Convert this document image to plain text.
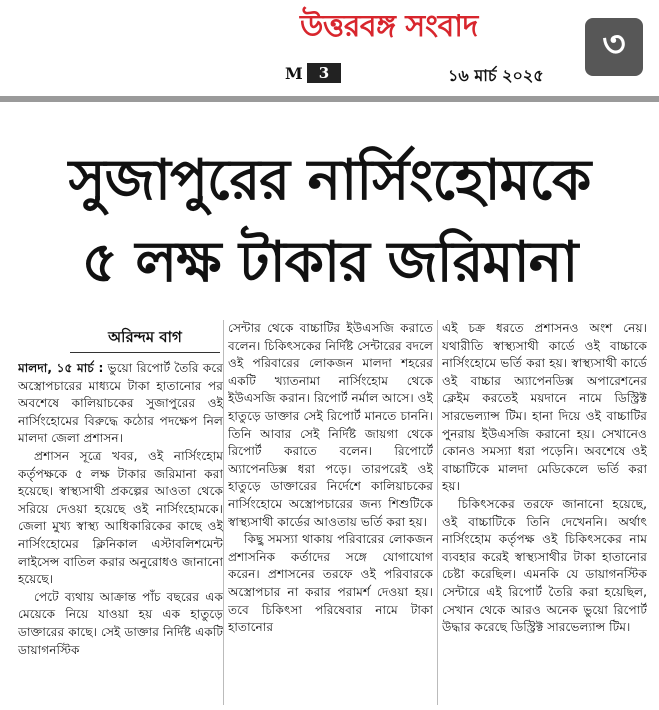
উত্তরবঙ্গ সংবাদ	৩
M	3	১৬ মার্চ ২০২৫
সুজাপুরের নার্সিংহোমকে
৫ লক্ষ টাকার জরিমানা
অরিন্দম বাগ

মালদা, ১৫ মার্চ : ভুয়ো রিপোর্ট তৈরি করে অস্ত্রোপচারের মাধ্যমে টাকা হাতানোর পর অবশেষে কালিয়াচকের সুজাপুরের ওই নার্সিংহোমের বিরুদ্ধে কঠোর পদক্ষেপ নিল মালদা জেলা প্রশাসন।

প্রশাসন সূত্রে খবর, ওই নার্সিংহোম কর্তৃপক্ষকে ৫ লক্ষ টাকার জরিমানা করা হয়েছে। স্বাস্থ্যসাথী প্রকল্পের আওতা থেকে সরিয়ে দেওয়া হয়েছে ওই নার্সিংহোমকে। জেলা মুখ্য স্বাস্থ্য আধিকারিকের কাছে ওই নার্সিংহোমের ক্লিনিকাল এস্টাবলিশমেন্ট লাইসেন্স বাতিল করার অনুরোধও জানানো হয়েছে।

পেটে ব্যথায় আক্রান্ত পাঁচ বছরের এক মেয়েকে নিয়ে যাওয়া হয় এক হাতুড়ে ডাক্তারের কাছে। সেই ডাক্তার নির্দিষ্ট একটি ডায়াগনস্টিক

সেন্টার থেকে বাচ্চাটির ইউএসজি করাতে বলেন। চিকিৎসকের নির্দিষ্ট সেন্টারের বদলে ওই পরিবারের লোকজন মালদা শহরের একটি খ্যাতনামা নার্সিংহোম থেকে ইউএসজি করান। রিপোর্ট নর্মাল আসে। ওই হাতুড়ে ডাক্তার সেই রিপোর্ট মানতে চাননি। তিনি আবার সেই নির্দিষ্ট জায়গা থেকে রিপোর্ট করাতে বলেন। রিপোর্টে অ্যাপেনডিক্স ধরা পড়ে। তারপরেই ওই হাতুড়ে ডাক্তারের নির্দেশে কালিয়াচকের নার্সিংহোমে অস্ত্রোপচারের জন্য শিশুটিকে স্বাস্থ্যসাথী কার্ডের আওতায় ভর্তি করা হয়।

কিছু সমস্যা থাকায় পরিবারের লোকজন প্রশাসনিক কর্তাদের সঙ্গে যোগাযোগ করেন। প্রশাসনের তরফে ওই পরিবারকে অস্ত্রোপচার না করার পরামর্শ দেওয়া হয়। তবে চিকিৎসা পরিষেবার নামে টাকা হাতানোর

এই চক্র ধরতে প্রশাসনও অংশ নেয়। যথারীতি স্বাস্থ্যসাথী কার্ডে ওই বাচ্চাকে নার্সিংহোমে ভর্তি করা হয়। স্বাস্থ্যসাথী কার্ডে ওই বাচ্চার অ্যাপেনডিক্স অপারেশনের ক্লেইম করতেই ময়দানে নামে ডিস্ট্রিক্ট সারভেল্যান্স টিম। হানা দিয়ে ওই বাচ্চাটির পুনরায় ইউএসজি করানো হয়। সেখানেও কোনও সমস্যা ধরা পড়েনি। অবশেষে ওই বাচ্চাটিকে মালদা মেডিকেলে ভর্তি করা হয়।

চিকিৎসকের তরফে জানানো হয়েছে, ওই বাচ্চাটিকে তিনি দেখেননি। অর্থাৎ নার্সিংহোম কর্তৃপক্ষ ওই চিকিৎসকের নাম ব্যবহার করেই স্বাস্থ্যসাথীর টাকা হাতানোর চেষ্টা করেছিল। এমনকি যে ডায়াগনস্টিক সেন্টারে এই রিপোর্ট তৈরি করা হয়েছিল, সেখান থেকে আরও অনেক ভুয়ো রিপোর্ট উদ্ধার করেছে ডিস্ট্রিক্ট সারভেল্যান্স টিম।
